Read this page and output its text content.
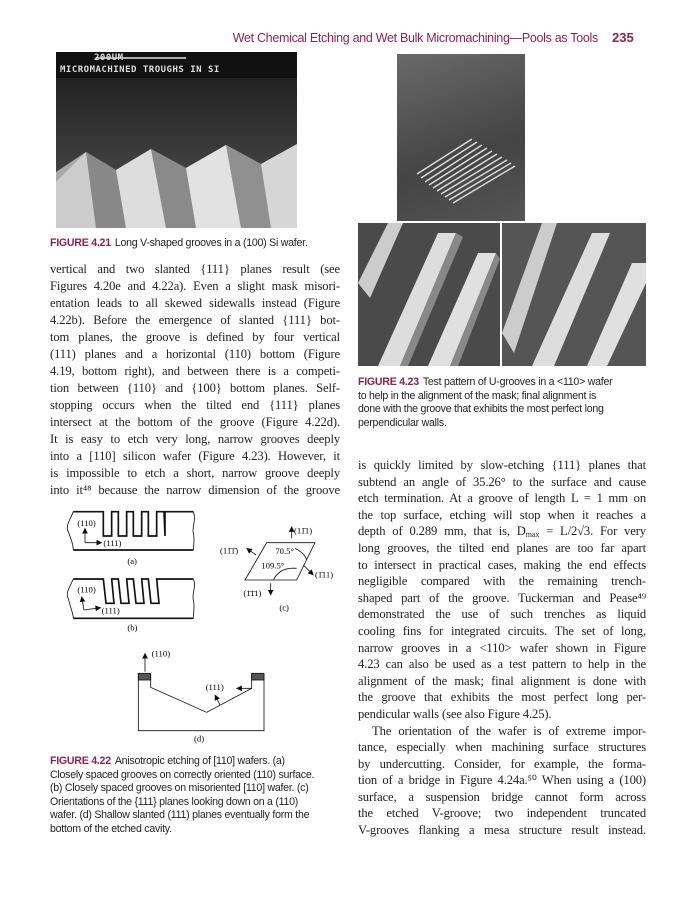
Wet Chemical Etching and Wet Bulk Micromachining—Pools as Tools 235
200UM
MICROMACHINED TROUGHS IN SI
FIGURE 4.21 Long V-shaped grooves in a (100) Si wafer.
vertical and two slanted {111} planes result (see
Figures 4.20e and 4.22a). Even a slight mask misori-
entation leads to all skewed sidewalls instead (Figure
4.22b). Before the emergence of slanted {111} bot-
tom planes, the groove is defined by four vertical
(111) planes and a horizontal (110) bottom (Figure
4.19, bottom right), and between there is a competi-
tion between {110} and {100} bottom planes. Self-
stopping occurs when the tilted end {111} planes
intersect at the bottom of the groove (Figure 4.22d).
It is easy to etch very long, narrow grooves deeply
into a [110] silicon wafer (Figure 4.23). However, it
is impossible to etch a short, narrow groove deeply
into it⁴⁸ because the narrow dimension of the groove
(110)
(111)
(a)
(110)
(111)
(b)
(11̄1)
(11̄1̄)
(1̄11)
(1̄1̄1)
70.5°
109.5°
(c)
(110)
(111)
(d)
FIGURE 4.22 Anisotropic etching of [110] wafers. (a)
Closely spaced grooves on correctly oriented (110) surface.
(b) Closely spaced grooves on misoriented [110] wafer. (c)
Orientations of the {111} planes looking down on a (110)
wafer. (d) Shallow slanted (111) planes eventually form the
bottom of the etched cavity.
FIGURE 4.23 Test pattern of U-grooves in a <110> wafer
to help in the alignment of the mask; final alignment is
done with the groove that exhibits the most perfect long
perpendicular walls.
is quickly limited by slow-etching {111} planes that
subtend an angle of 35.26° to the surface and cause
etch termination. At a groove of length L = 1 mm on
the top surface, etching will stop when it reaches a
depth of 0.289 mm, that is, $D_{max} = L/2√3$. For very
long grooves, the tilted end planes are too far apart
to intersect in practical cases, making the end effects
negligible compared with the remaining trench-
shaped part of the groove. Tuckerman and Pease⁴⁹
demonstrated the use of such trenches as liquid
cooling fins for integrated circuits. The set of long,
narrow grooves in a <110> wafer shown in Figure
4.23 can also be used as a test pattern to help in the
alignment of the mask; final alignment is done with
the groove that exhibits the most perfect long per-
pendicular walls (see also Figure 4.25).
The orientation of the wafer is of extreme impor-
tance, especially when machining surface structures
by undercutting. Consider, for example, the forma-
tion of a bridge in Figure 4.24a.⁵⁰ When using a (100)
surface, a suspension bridge cannot form across
the etched V-groove; two independent truncated
V-grooves flanking a mesa structure result instead.
